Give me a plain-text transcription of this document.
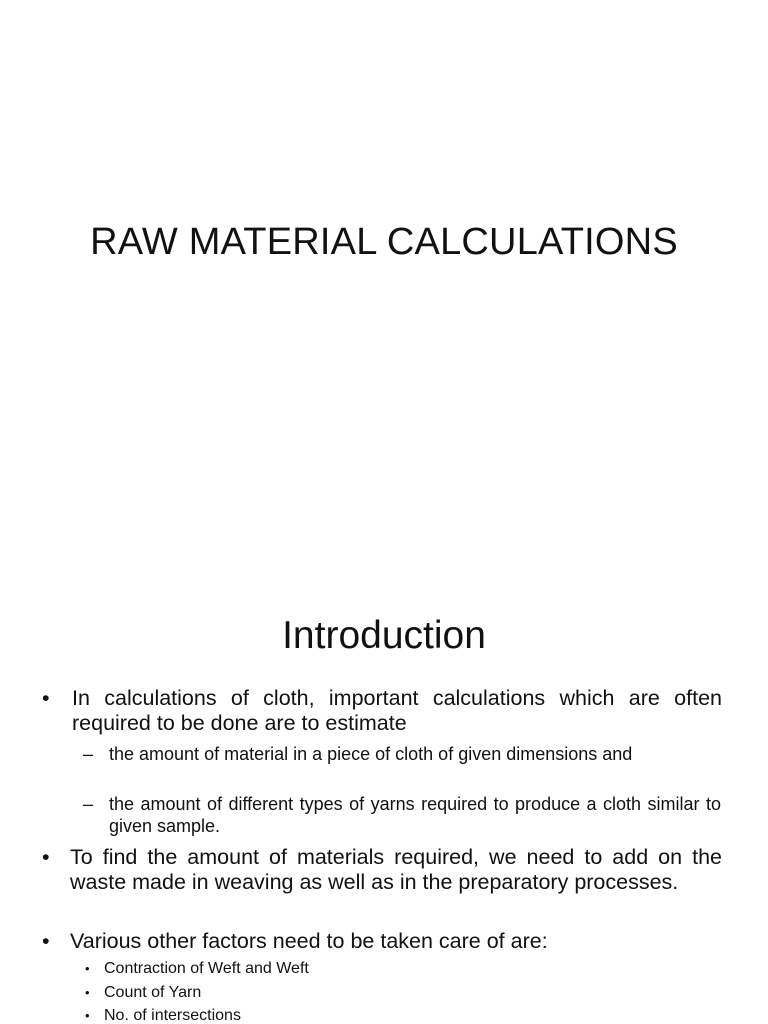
RAW MATERIAL CALCULATIONS
Introduction
• In calculations of cloth, important calculations which are often required to be done are to estimate
– the amount of material in a piece of cloth of given dimensions and
– the amount of different types of yarns required to produce a cloth similar to given sample.
• To find the amount of materials required, we need to add on the waste made in weaving as well as in the preparatory processes.
• Various other factors need to be taken care of are:
• Contraction of Weft and Weft
• Count of Yarn
• No. of intersections
